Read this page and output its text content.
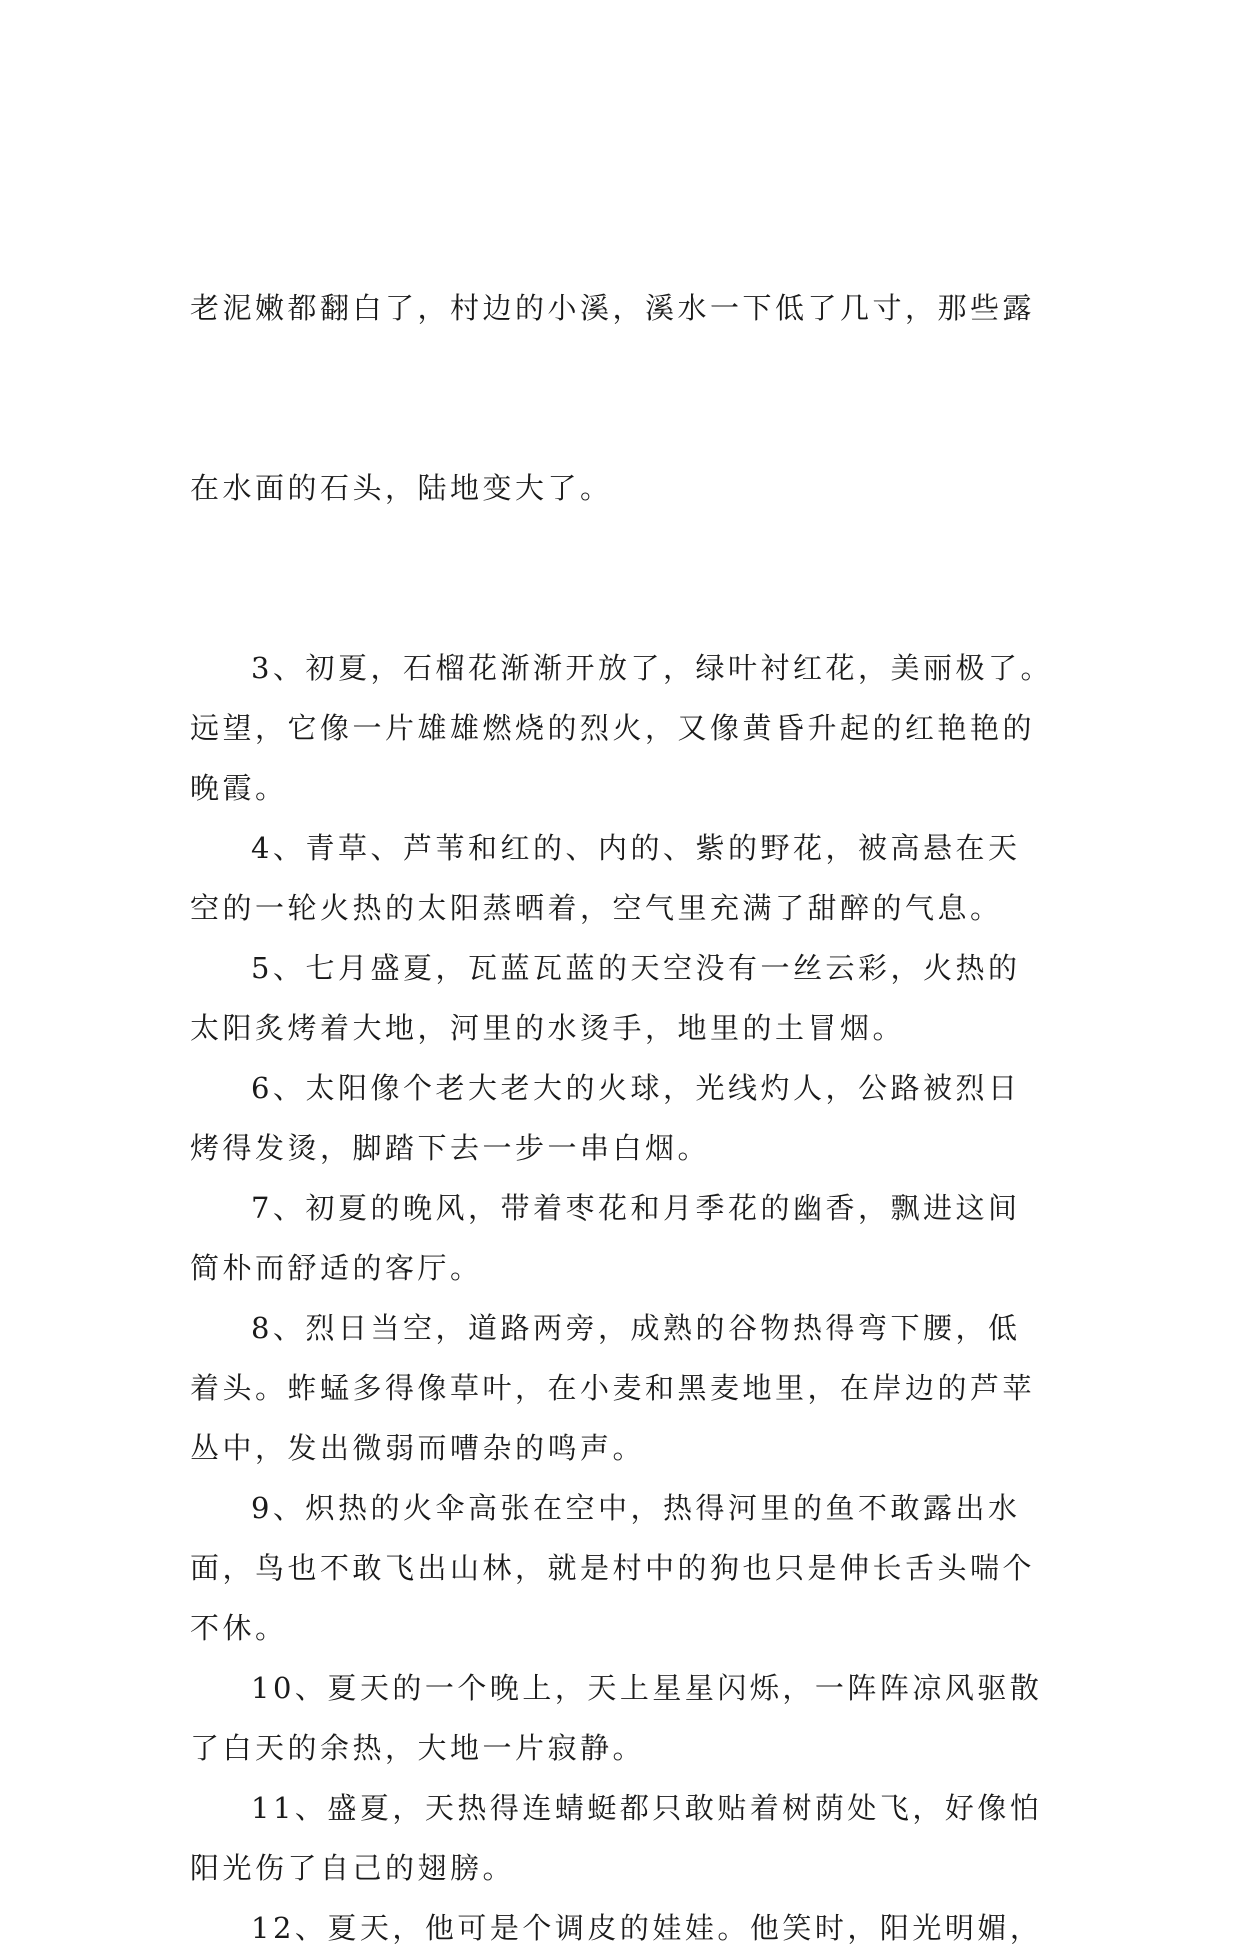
老泥嫩都翻白了，村边的小溪，溪水一下低了几寸，那些露

在水面的石头，陆地变大了。

3、初夏，石榴花渐渐开放了，绿叶衬红花，美丽极了。
远望，它像一片雄雄燃烧的烈火，又像黄昏升起的红艳艳的
晚霞。

4、青草、芦苇和红的、内的、紫的野花，被高悬在天
空的一轮火热的太阳蒸晒着，空气里充满了甜醉的气息。

5、七月盛夏，瓦蓝瓦蓝的天空没有一丝云彩，火热的
太阳炙烤着大地，河里的水烫手，地里的土冒烟。

6、太阳像个老大老大的火球，光线灼人，公路被烈日
烤得发烫，脚踏下去一步一串白烟。

7、初夏的晚风，带着枣花和月季花的幽香，飘进这间
简朴而舒适的客厅。

8、烈日当空，道路两旁，成熟的谷物热得弯下腰，低
着头。蚱蜢多得像草叶，在小麦和黑麦地里，在岸边的芦苹
丛中，发出微弱而嘈杂的鸣声。

9、炽热的火伞高张在空中，热得河里的鱼不敢露出水
面，鸟也不敢飞出山林，就是村中的狗也只是伸长舌头喘个
不休。

10、夏天的一个晚上，天上星星闪烁，一阵阵凉风驱散
了白天的余热，大地一片寂静。

11、盛夏，天热得连蜻蜓都只敢贴着树荫处飞，好像怕
阳光伤了自己的翅膀。

12、夏天，他可是个调皮的娃娃。他笑时，阳光明媚，
